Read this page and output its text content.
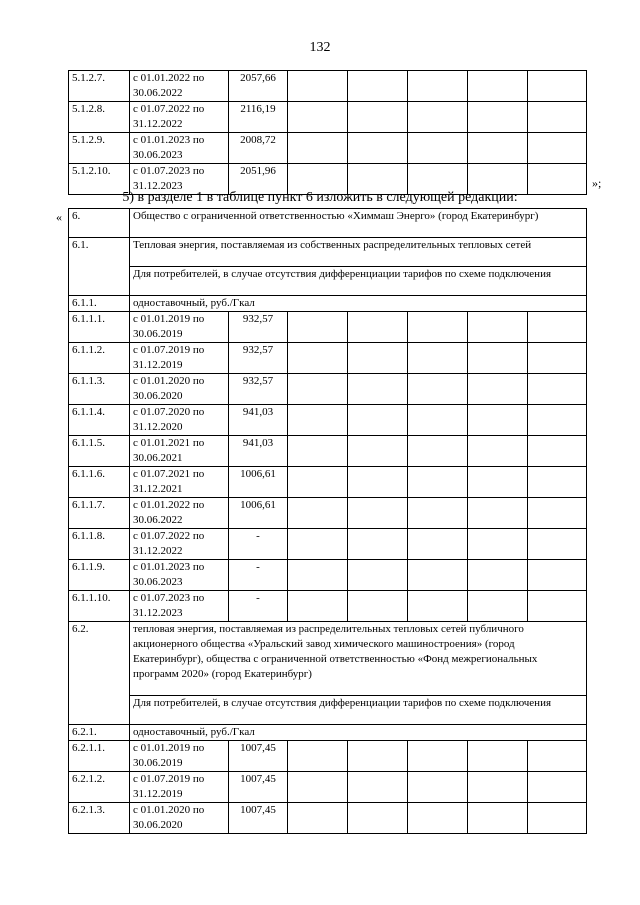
132
5.1.2.7.	с 01.01.2022 по 30.06.2022	2057,66					
5.1.2.8.	с 01.07.2022 по 31.12.2022	2116,19					
5.1.2.9.	с 01.01.2023 по 30.06.2023	2008,72					
5.1.2.10.	с 01.07.2023 по 31.12.2023	2051,96					
»;
5) в разделе 1 в таблице пункт 6 изложить в следующей редакции:
« 6.	Общество с ограниченной ответственностью «Химмаш Энерго» (город Екатеринбург)						
6.1.	Тепловая энергия, поставляемая из собственных распределительных тепловых сетей						
	Для потребителей, в случае отсутствия дифференциации тарифов по схеме подключения						
6.1.1.	одноставочный, руб./Гкал						
6.1.1.1.	с 01.01.2019 по 30.06.2019	932,57					
6.1.1.2.	с 01.07.2019 по 31.12.2019	932,57					
6.1.1.3.	с 01.01.2020 по 30.06.2020	932,57					
6.1.1.4.	с 01.07.2020 по 31.12.2020	941,03					
6.1.1.5.	с 01.01.2021 по 30.06.2021	941,03					
6.1.1.6.	с 01.07.2021 по 31.12.2021	1006,61					
6.1.1.7.	с 01.01.2022 по 30.06.2022	1006,61					
6.1.1.8.	с 01.07.2022 по 31.12.2022	-					
6.1.1.9.	с 01.01.2023 по 30.06.2023	-					
6.1.1.10.	с 01.07.2023 по 31.12.2023	-					
6.2.	тепловая энергия, поставляемая из распределительных тепловых сетей публичного акционерного общества «Уральский завод химического машиностроения» (город Екатеринбург), общества с ограниченной ответственностью «Фонд межрегиональных программ 2020» (город Екатеринбург)						
	Для потребителей, в случае отсутствия дифференциации тарифов по схеме подключения						
6.2.1.	одноставочный, руб./Гкал						
6.2.1.1.	с 01.01.2019 по 30.06.2019	1007,45					
6.2.1.2.	с 01.07.2019 по 31.12.2019	1007,45					
6.2.1.3.	с 01.01.2020 по 30.06.2020	1007,45					
